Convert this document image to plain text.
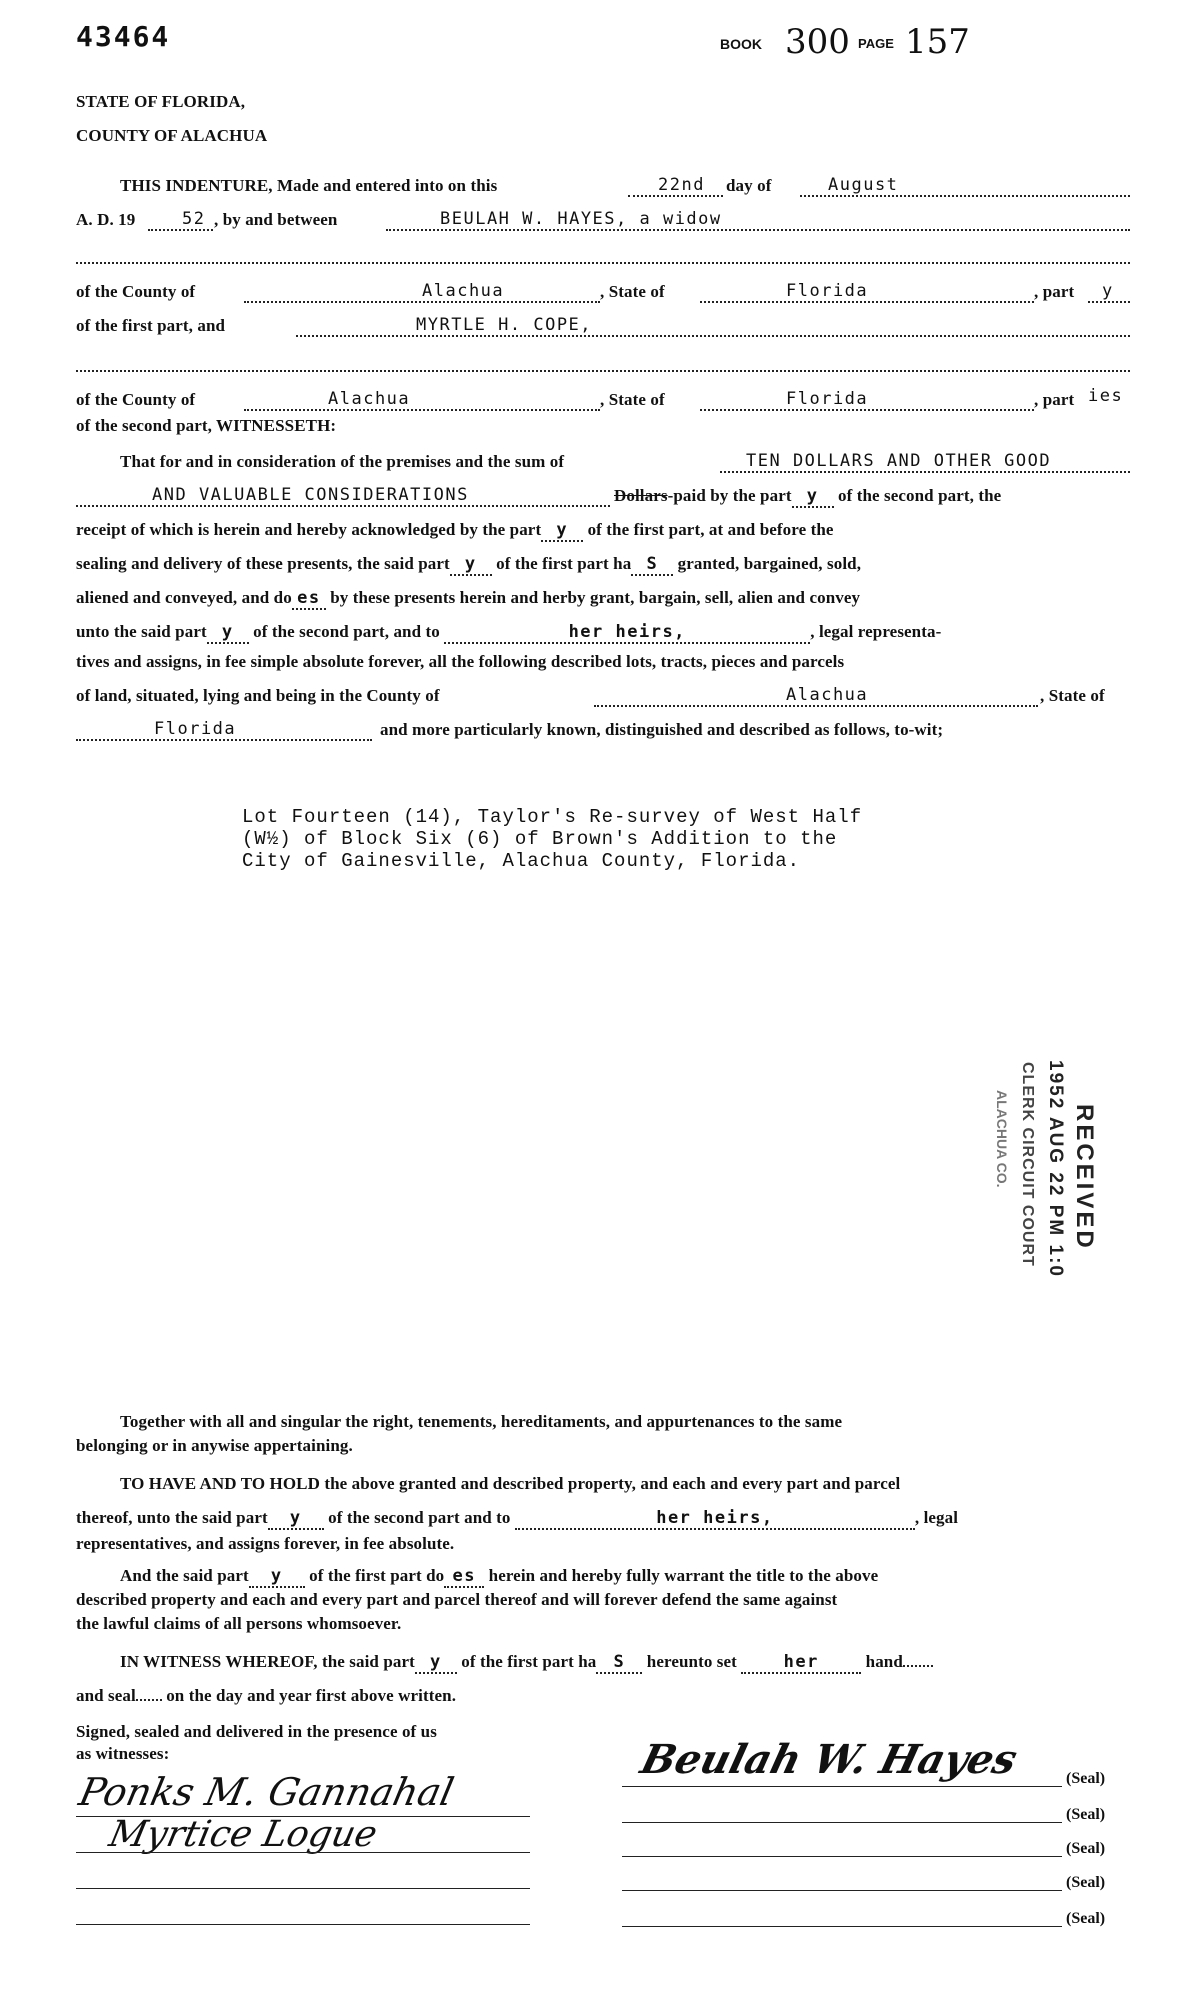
43464	BOOK 300 PAGE 157
STATE OF FLORIDA,
COUNTY OF ALACHUA
THIS INDENTURE, Made and entered into on this	22nd day of	August
A. D. 19	52 , by and between	BEULAH W. HAYES, a widow
of the County of	Alachua	, State of	Florida	, part y
of the first part, and	MYRTLE H. COPE,
of the County of	Alachua	, State of	Florida	, part ies
of the second part, WITNESSETH:
That for and in consideration of the premises and the sum of	TEN DOLLARS AND OTHER GOOD
AND VALUABLE CONSIDERATIONS	Dollars-paid by the part y of the second part, the
receipt of which is herein and hereby acknowledged by the part y of the first part, at and before the
sealing and delivery of these presents, the said part y of the first part ha S granted, bargained, sold,
aliened and conveyed, and do es by these presents herein and herby grant, bargain, sell, alien and convey
unto the said part y of the second part, and to	her heirs,	, legal representa-
tives and assigns, in fee simple absolute forever, all the following described lots, tracts, pieces and parcels
of land, situated, lying and being in the County of	Alachua	, State of
Florida	and more particularly known, distinguished and described as follows, to-wit;
Lot Fourteen (14), Taylor's Re-survey of West Half
(W½) of Block Six (6) of Brown's Addition to the
City of Gainesville, Alachua County, Florida.
RECEIVED
1952 AUG 22 PM 1:0
CLERK CIRCUIT COURT
ALACHUA CO.
Together with all and singular the right, tenements, hereditaments, and appurtenances to the same
belonging or in anywise appertaining.
TO HAVE AND TO HOLD the above granted and described property, and each and every part and parcel
thereof, unto the said part y of the second part and to	her heirs,	, legal
representatives, and assigns forever, in fee absolute.
And the said part y of the first part do es herein and hereby fully warrant the title to the above
described property and each and every part and parcel thereof and will forever defend the same against
the lawful claims of all persons whomsoever.
IN WITNESS WHEREOF, the said part y of the first part ha S hereunto set	her	hand
and seal on the day and year first above written.
Signed, sealed and delivered in the presence of us
as witnesses:
Ponks M. Gannahal
Myrtice Logue
Beulah W. Hayes	(Seal)
(Seal)
(Seal)
(Seal)
(Seal)
